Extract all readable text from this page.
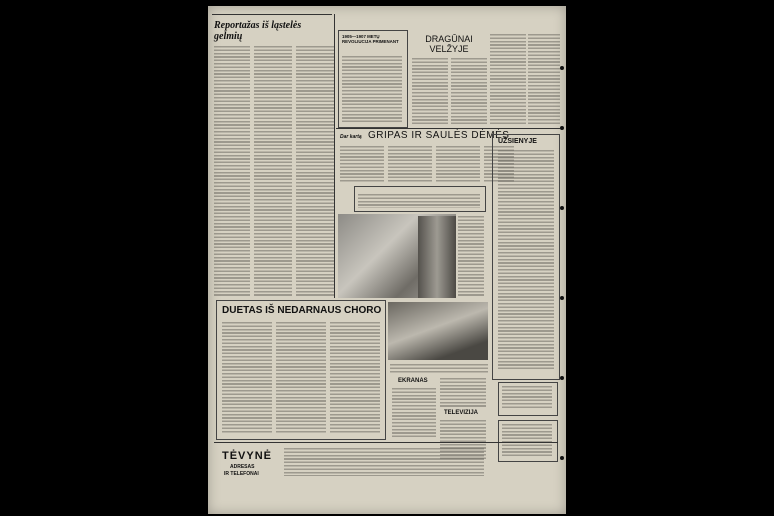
Reportažas iš ląstelės gelmių	1905—1907 METŲ REVOLIUCIJA PRIMENANT	DRAGŪNAI VELŽYJE
Dar kartą GRIPAS IR SAULĖS DĖMĖS
UŽSIENYJE
DUETAS IŠ NEDARNAUS CHORO
EKRANAS
TELEVIZIJA
TĖVYNĖ
ADRESAS
IR TELEFONAI
